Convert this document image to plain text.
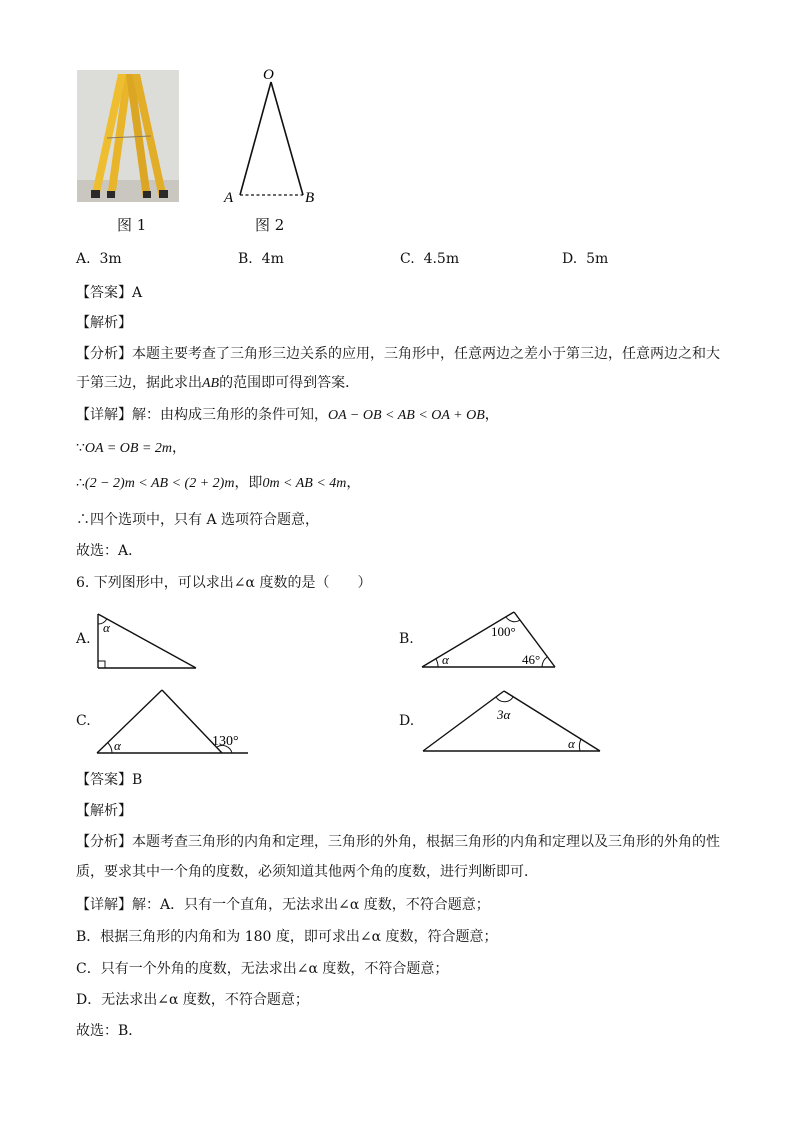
图 1
O
A	B
图 2
A. 3m	B. 4m	C. 4.5m	D. 5m
【答案】A
【解析】
【分析】本题主要考查了三角形三边关系的应用，三角形中，任意两边之差小于第三边，任意两边之和大
于第三边，据此求出AB的范围即可得到答案．
【详解】解：由构成三角形的条件可知，OA − OB < AB < OA + OB，
∵OA = OB = 2m，
∴(2 − 2)m < AB < (2 + 2)m，即0m < AB < 4m，
∴四个选项中，只有 A 选项符合题意，
故选：A．
6. 下列图形中，可以求出∠α 度数的是（　　）
A.
α
B.	100°
α	46°
C.
α	130°
D.	3α
α
【答案】B
【解析】
【分析】本题考查三角形的内角和定理，三角形的外角，根据三角形的内角和定理以及三角形的外角的性
质，要求其中一个角的度数，必须知道其他两个角的度数，进行判断即可．
【详解】解：A．只有一个直角，无法求出∠α 度数，不符合题意；
B．根据三角形的内角和为 180 度，即可求出∠α 度数，符合题意；
C．只有一个外角的度数，无法求出∠α 度数，不符合题意；
D．无法求出∠α 度数，不符合题意；
故选：B．
